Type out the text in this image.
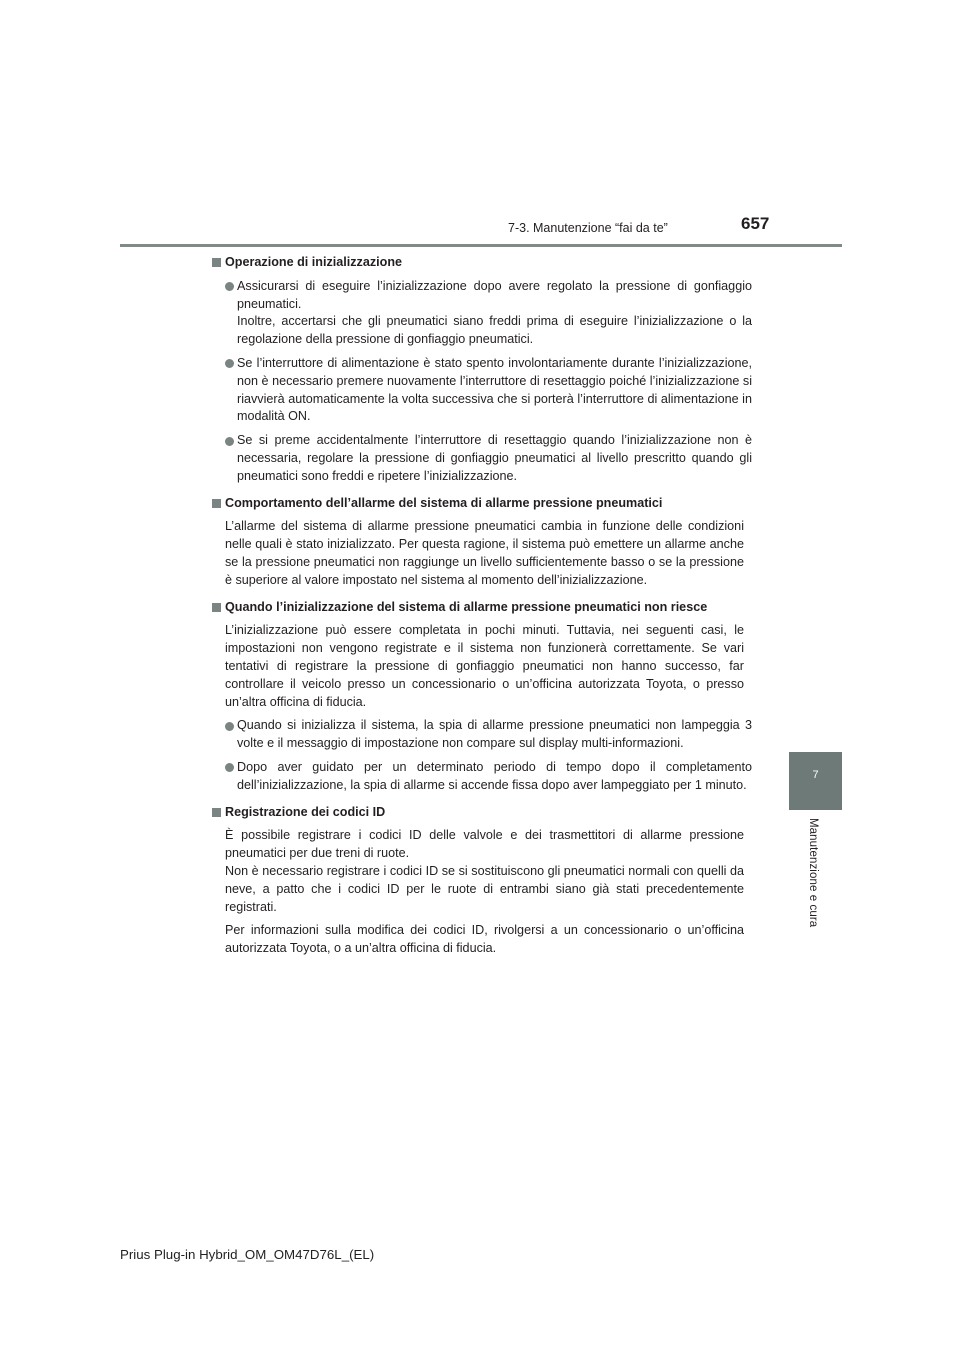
7-3. Manutenzione “fai da te”	657
7
Manutenzione e cura
Operazione di inizializzazione
Assicurarsi di eseguire l’inizializzazione dopo avere regolato la pressione di gonfiaggio pneumatici.
Inoltre, accertarsi che gli pneumatici siano freddi prima di eseguire l’inizializzazione o la regolazione della pressione di gonfiaggio pneumatici.
Se l’interruttore di alimentazione è stato spento involontariamente durante l’inizializzazione, non è necessario premere nuovamente l’interruttore di resettaggio poiché l’inizializzazione si riavvierà automaticamente la volta successiva che si porterà l’interruttore di alimentazione in modalità ON.
Se si preme accidentalmente l’interruttore di resettaggio quando l’inizializzazione non è necessaria, regolare la pressione di gonfiaggio pneumatici al livello prescritto quando gli pneumatici sono freddi e ripetere l’inizializzazione.
Comportamento dell’allarme del sistema di allarme pressione pneumatici
L’allarme del sistema di allarme pressione pneumatici cambia in funzione delle condizioni nelle quali è stato inizializzato. Per questa ragione, il sistema può emettere un allarme anche se la pressione pneumatici non raggiunge un livello sufficientemente basso o se la pressione è superiore al valore impostato nel sistema al momento dell’inizializzazione.
Quando l’inizializzazione del sistema di allarme pressione pneumatici non riesce
L’inizializzazione può essere completata in pochi minuti. Tuttavia, nei seguenti casi, le impostazioni non vengono registrate e il sistema non funzionerà correttamente. Se vari tentativi di registrare la pressione di gonfiaggio pneumatici non hanno successo, far controllare il veicolo presso un concessionario o un’officina autorizzata Toyota, o presso un’altra officina di fiducia.
Quando si inizializza il sistema, la spia di allarme pressione pneumatici non lampeggia 3 volte e il messaggio di impostazione non compare sul display multi-informazioni.
Dopo aver guidato per un determinato periodo di tempo dopo il completamento dell’inizializzazione, la spia di allarme si accende fissa dopo aver lampeggiato per 1 minuto.
Registrazione dei codici ID
È possibile registrare i codici ID delle valvole e dei trasmettitori di allarme pressione pneumatici per due treni di ruote.
Non è necessario registrare i codici ID se si sostituiscono gli pneumatici normali con quelli da neve, a patto che i codici ID per le ruote di entrambi siano già stati precedentemente registrati.
Per informazioni sulla modifica dei codici ID, rivolgersi a un concessionario o un’officina autorizzata Toyota, o a un’altra officina di fiducia.
Prius Plug-in Hybrid_OM_OM47D76L_(EL)
